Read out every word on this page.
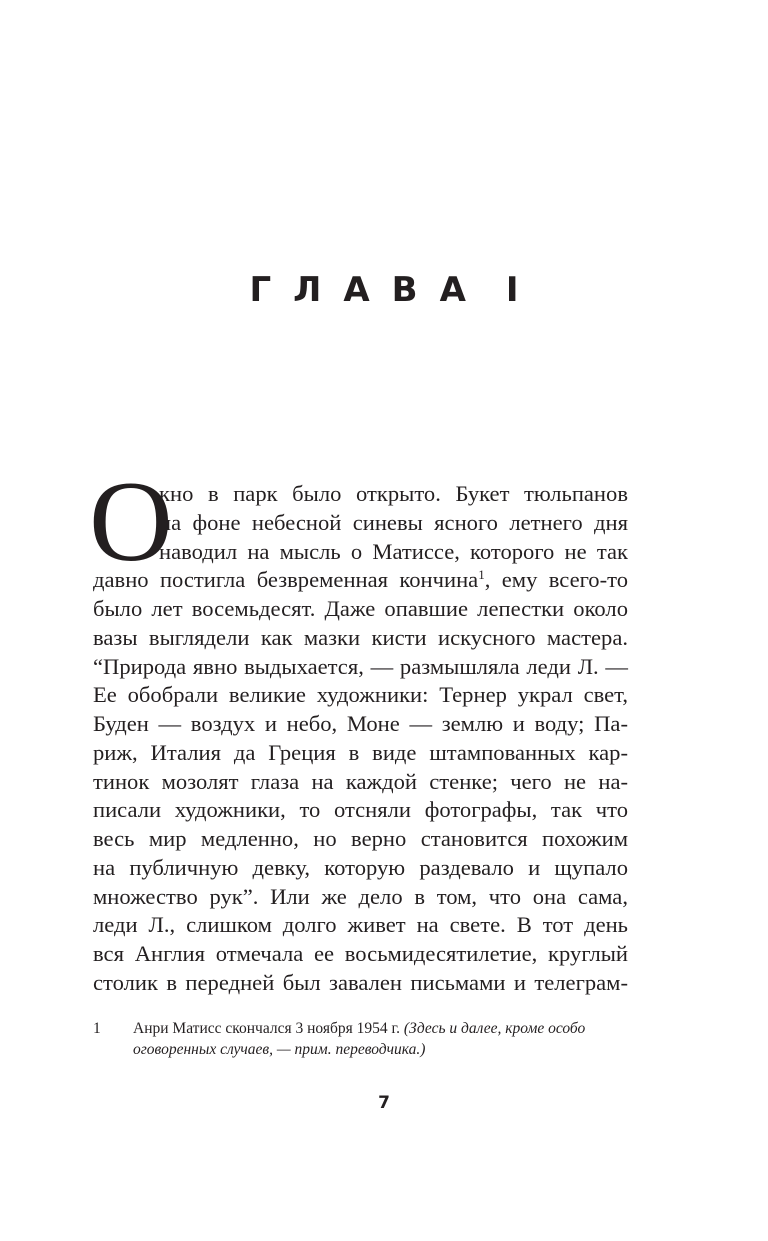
ГЛАВА I
О
кно в парк было открыто. Букет тюльпанов
на фоне небесной синевы ясного летнего дня
наводил на мысль о Матиссе, которого не так
давно постигла безвременная кончина$^1$, ему всего-то
было лет восемьдесят. Даже опавшие лепестки около
вазы выглядели как мазки кисти искусного мастера.
“Природа явно выдыхается, — размышляла леди Л. —
Ее обобрали великие художники: Тернер украл свет,
Буден — воздух и небо, Моне — землю и воду; Па-
риж, Италия да Греция в виде штампованных кар-
тинок мозолят глаза на каждой стенке; чего не на-
писали художники, то отсняли фотографы, так что
весь мир медленно, но верно становится похожим
на публичную девку, которую раздевало и щупало
множество рук”. Или же дело в том, что она сама,
леди Л., слишком долго живет на свете. В тот день
вся Англия отмечала ее восьмидесятилетие, круглый
столик в передней был завален письмами и телеграм-
1 Анри Матисс скончался 3 ноября 1954 г. (Здесь и далее, кроме особо оговоренных случаев, — прим. переводчика.)
7
